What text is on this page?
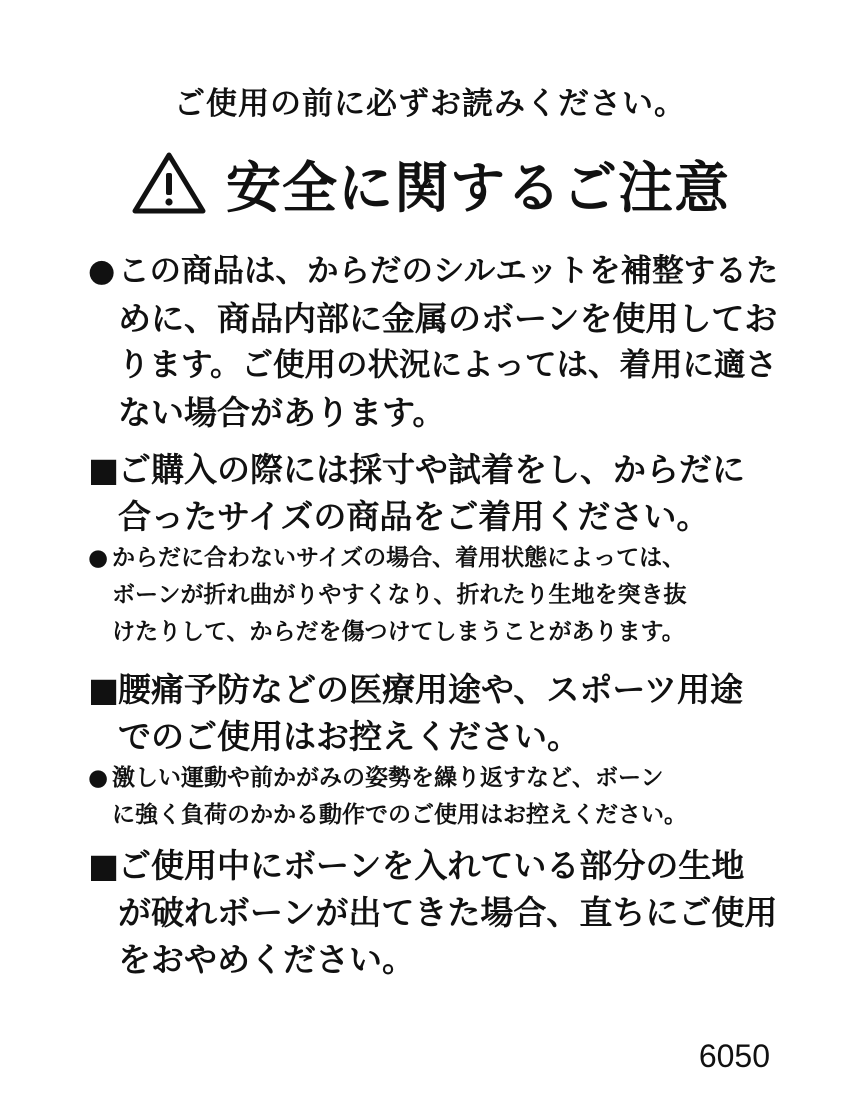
ご使用の前に必ずお読みください。
安全に関するご注意
●この商品は、からだのシルエットを補整するた
めに、商品内部に金属のボーンを使用してお
ります。ご使用の状況によっては、着用に適さ
ない場合があります。
■ご購入の際には採寸や試着をし、からだに
合ったサイズの商品をご着用ください。
● からだに合わないサイズの場合、着用状態によっては、
ボーンが折れ曲がりやすくなり、折れたり生地を突き抜
けたりして、からだを傷つけてしまうことがあります。
■腰痛予防などの医療用途や、スポーツ用途
でのご使用はお控えください。
● 激しい運動や前かがみの姿勢を繰り返すなど、ボーン
に強く負荷のかかる動作でのご使用はお控えください。
■ご使用中にボーンを入れている部分の生地
が破れボーンが出てきた場合、直ちにご使用
をおやめください。
6050
